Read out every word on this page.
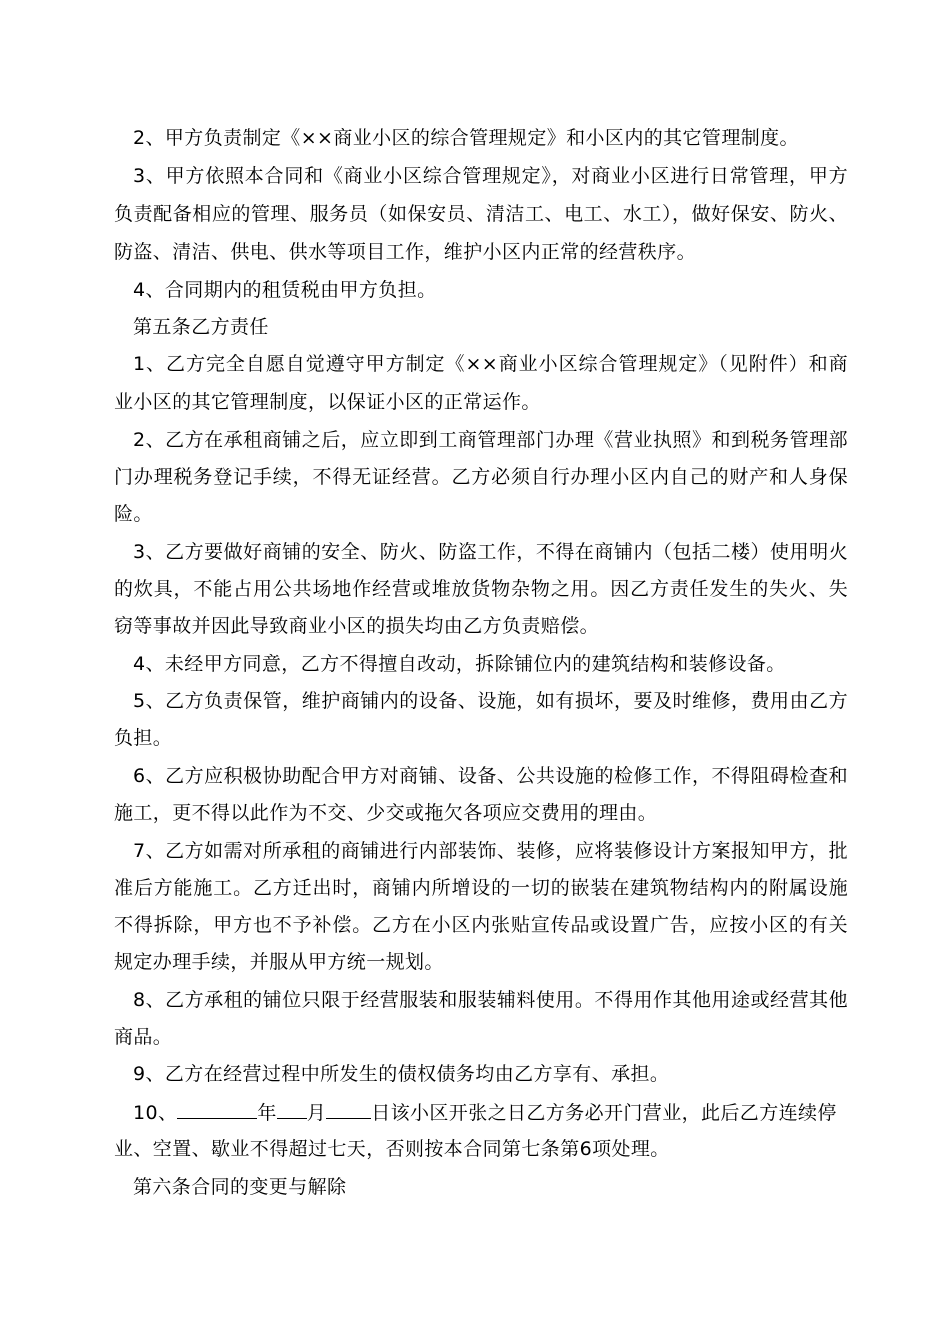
2、甲方负责制定《××商业小区的综合管理规定》和小区内的其它管理制度。
3、甲方依照本合同和《商业小区综合管理规定》，对商业小区进行日常管理，甲方
负责配备相应的管理、服务员（如保安员、清洁工、电工、水工），做好保安、防火、
防盗、清洁、供电、供水等项目工作，维护小区内正常的经营秩序。
4、合同期内的租赁税由甲方负担。
第五条乙方责任
1、乙方完全自愿自觉遵守甲方制定《××商业小区综合管理规定》（见附件）和商
业小区的其它管理制度，以保证小区的正常运作。
2、乙方在承租商铺之后，应立即到工商管理部门办理《营业执照》和到税务管理部
门办理税务登记手续，不得无证经营。乙方必须自行办理小区内自己的财产和人身保
险。
3、乙方要做好商铺的安全、防火、防盗工作，不得在商铺内（包括二楼）使用明火
的炊具，不能占用公共场地作经营或堆放货物杂物之用。因乙方责任发生的失火、失
窃等事故并因此导致商业小区的损失均由乙方负责赔偿。
4、未经甲方同意，乙方不得擅自改动，拆除铺位内的建筑结构和装修设备。
5、乙方负责保管，维护商铺内的设备、设施，如有损坏，要及时维修，费用由乙方
负担。
6、乙方应积极协助配合甲方对商铺、设备、公共设施的检修工作，不得阻碍检查和
施工，更不得以此作为不交、少交或拖欠各项应交费用的理由。
7、乙方如需对所承租的商铺进行内部装饰、装修，应将装修设计方案报知甲方，批
准后方能施工。乙方迁出时，商铺内所增设的一切的嵌装在建筑物结构内的附属设施
不得拆除，甲方也不予补偿。乙方在小区内张贴宣传品或设置广告，应按小区的有关
规定办理手续，并服从甲方统一规划。
8、乙方承租的铺位只限于经营服装和服装辅料使用。不得用作其他用途或经营其他
商品。
9、乙方在经营过程中所发生的债权债务均由乙方享有、承担。
10、	年 月 日该小区开张之日乙方务必开门营业，此后乙方连续停
业、空置、歇业不得超过七天，否则按本合同第七条第6项处理。
第六条合同的变更与解除
